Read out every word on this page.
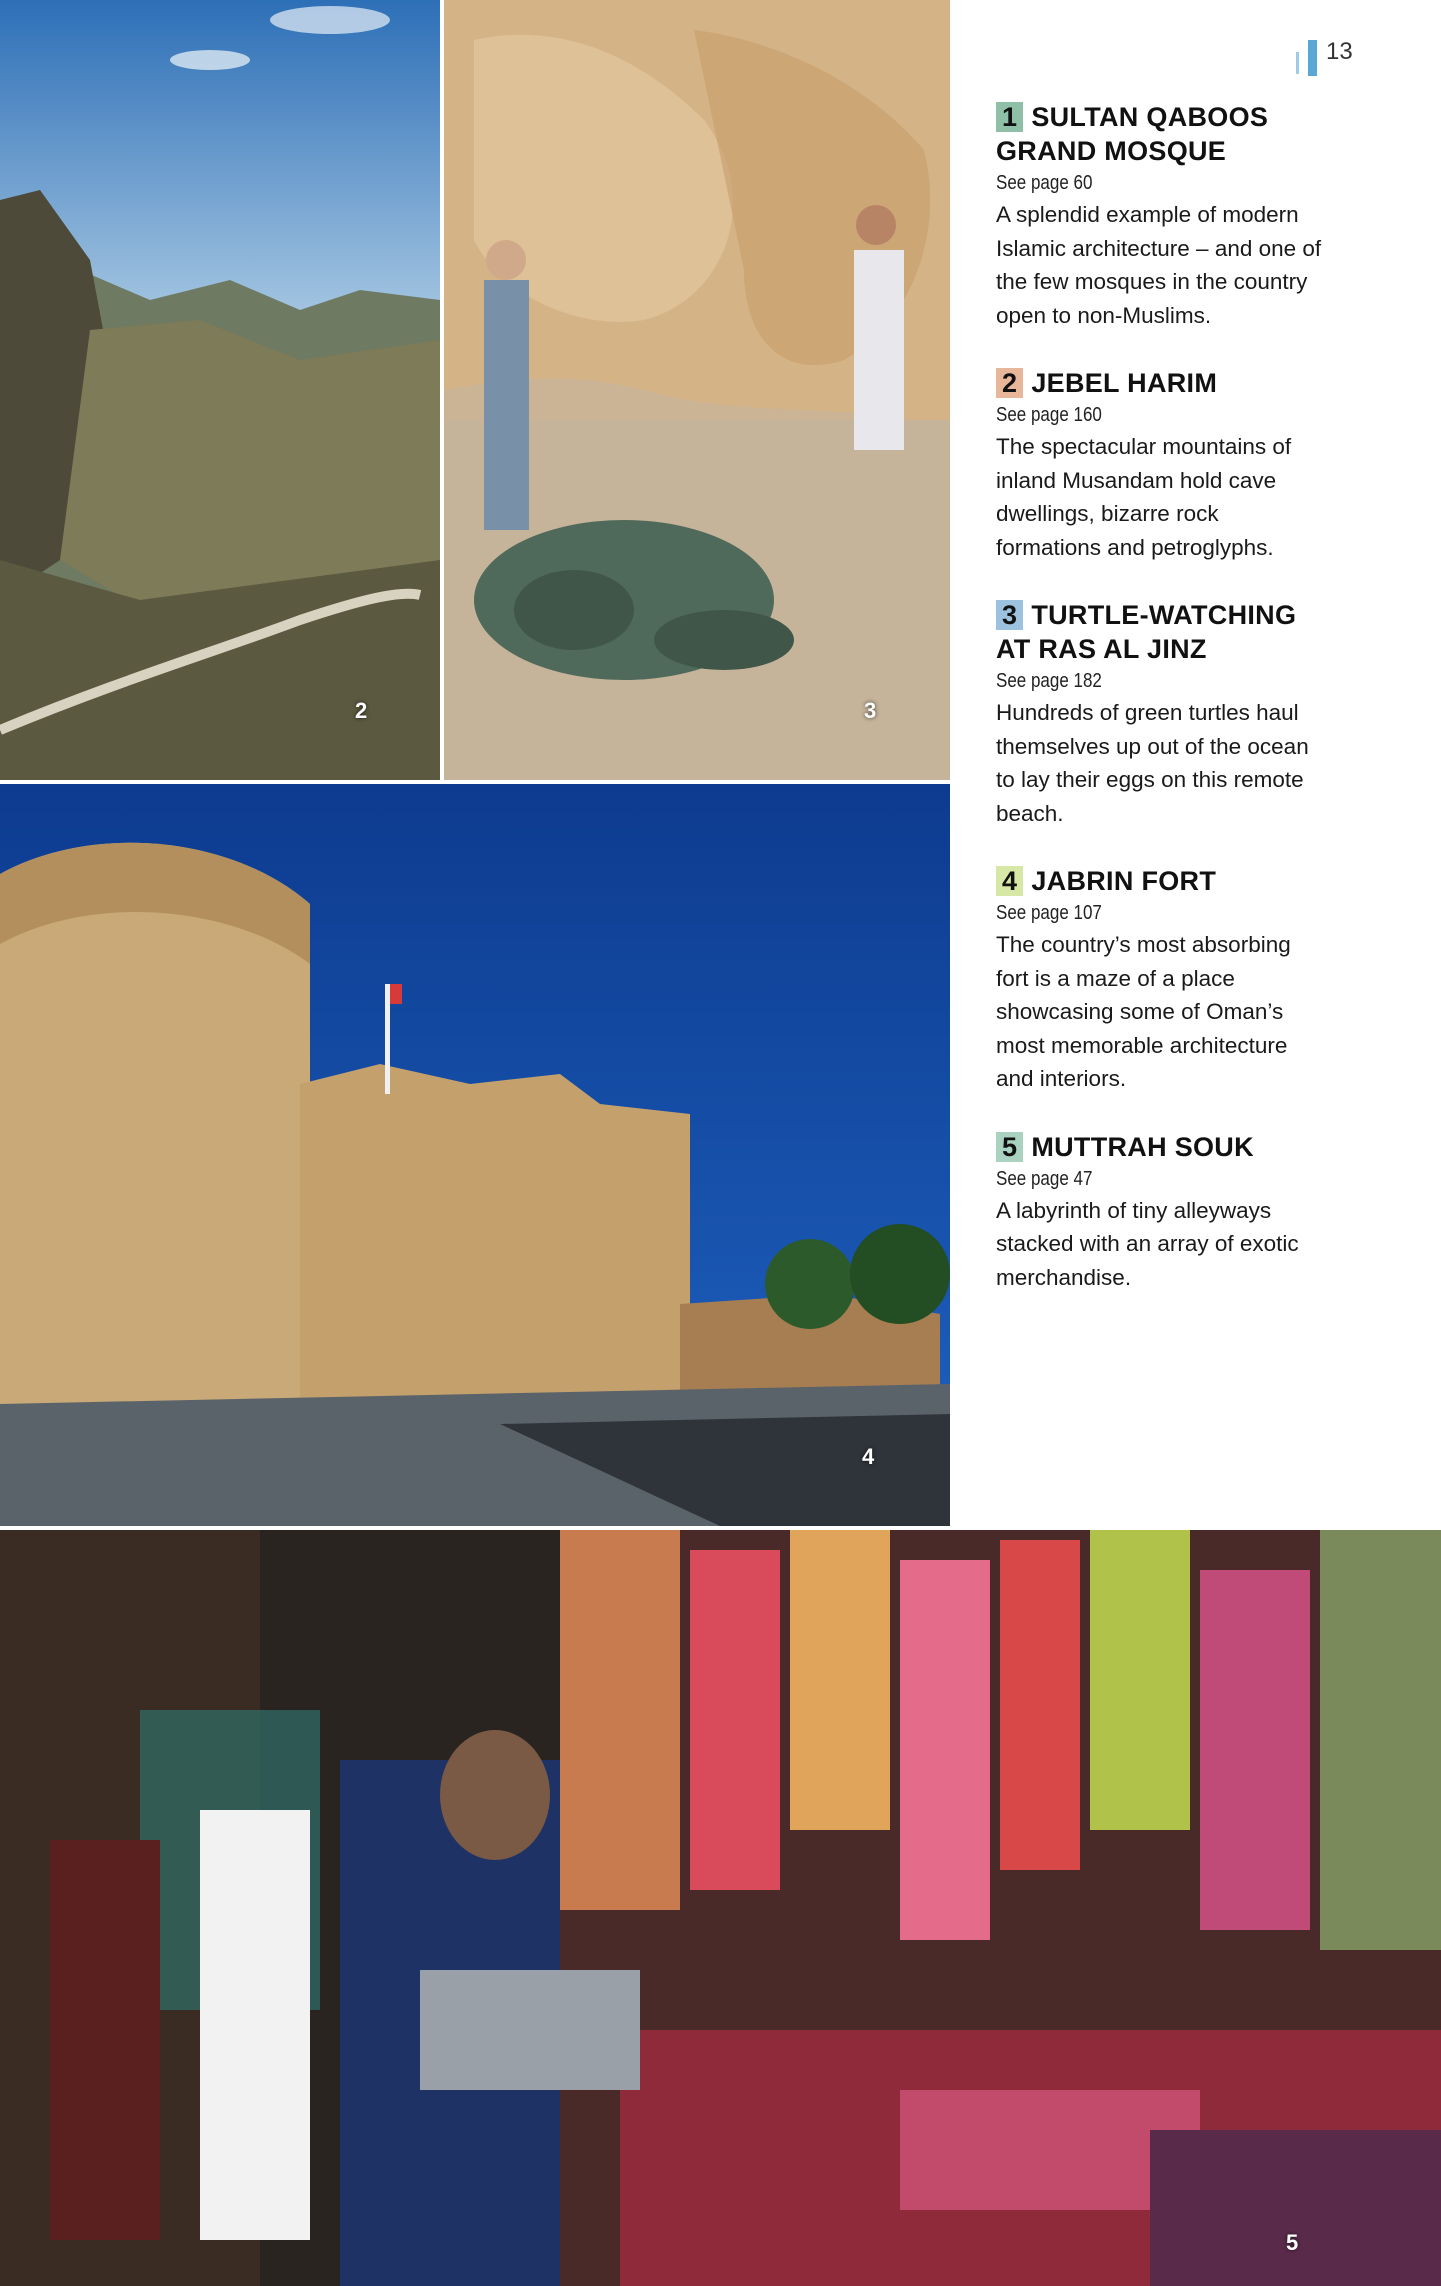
13
2	3
4
5
1 SULTAN QABOOS GRAND MOSQUE
See page 60
A splendid example of modern Islamic architecture – and one of the few mosques in the country open to non-Muslims.
2 JEBEL HARIM
See page 160
The spectacular mountains of inland Musandam hold cave dwellings, bizarre rock formations and petroglyphs.
3 TURTLE-WATCHING AT RAS AL JINZ
See page 182
Hundreds of green turtles haul themselves up out of the ocean to lay their eggs on this remote beach.
4 JABRIN FORT
See page 107
The country’s most absorbing fort is a maze of a place showcasing some of Oman’s most memorable architecture and interiors.
5 MUTTRAH SOUK
See page 47
A labyrinth of tiny alleyways stacked with an array of exotic merchandise.
